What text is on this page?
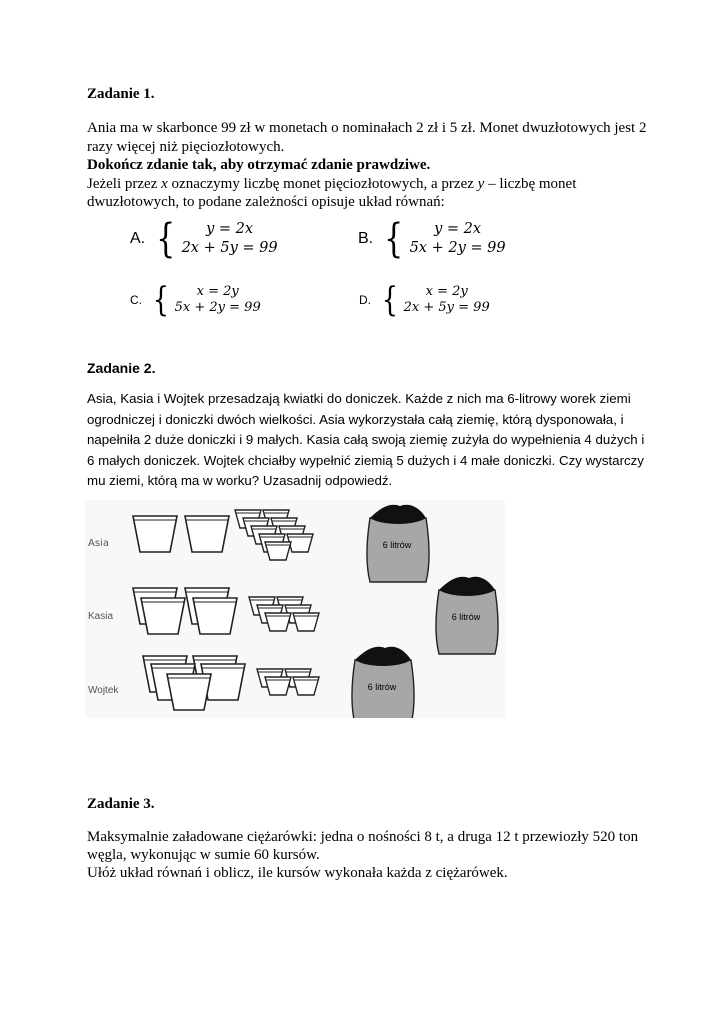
Zadanie 1.

Ania ma w skarbonce 99 zł w monetach o nominałach 2 zł i 5 zł. Monet dwuzłotowych jest 2 razy więcej niż pięciozłotowych.

Dokończ zdanie tak, aby otrzymać zdanie prawdziwe.

Jeżeli przez x oznaczymy liczbę monet pięciozłotowych, a przez y – liczbę monet dwuzłotowych, to podane zależności opisuje układ równań:

A. {	y = 2x
2x + 5y = 99
B. {	y = 2x
5x + 2y = 99
C. {	x = 2y
5x + 2y = 99	D. {	x = 2y
2x + 5y = 99
Zadanie 2.
Asia, Kasia i Wojtek przesadzają kwiatki do doniczek. Każde z nich ma 6-litrowy worek ziemi ogrodniczej i doniczki dwóch wielkości. Asia wykorzystała całą ziemię, którą dysponowała, i napełniła 2 duże doniczki i 9 małych. Kasia całą swoją ziemię zużyła do wypełnienia 4 dużych i 6 małych doniczek. Wojtek chciałby wypełnić ziemią 5 dużych i 4 małe doniczki. Czy wystarczy mu ziemi, którą ma w worku? Uzasadnij odpowiedź.
Asia
Kasia
Wojtek
6 litrów
6 litrów
6 litrów
Zadanie 3.

Maksymalnie załadowane ciężarówki: jedna o nośności 8 t, a druga 12 t przewiozły 520 ton węgla, wykonując w sumie 60 kursów.

Ułóż układ równań i oblicz, ile kursów wykonała każda z ciężarówek.
